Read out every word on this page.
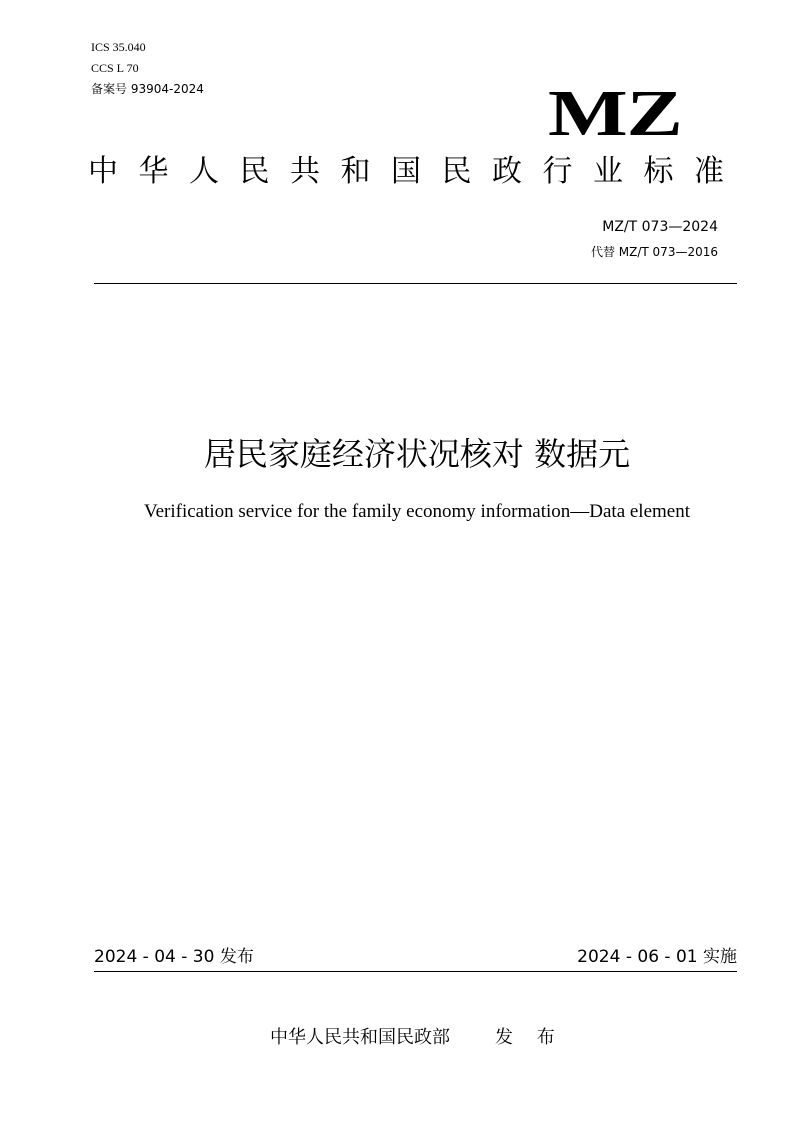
ICS 35.040
CCS L 70
备案号 93904-2024	MZ
中华人民共和国民政行业标准
MZ/T 073—2024
代替 MZ/T 073—2016
居民家庭经济状况核对 数据元
Verification service for the family economy information—Data element
2024 - 04 - 30 发布	2024 - 06 - 01 实施
中华人民共和国民政部	发 布
